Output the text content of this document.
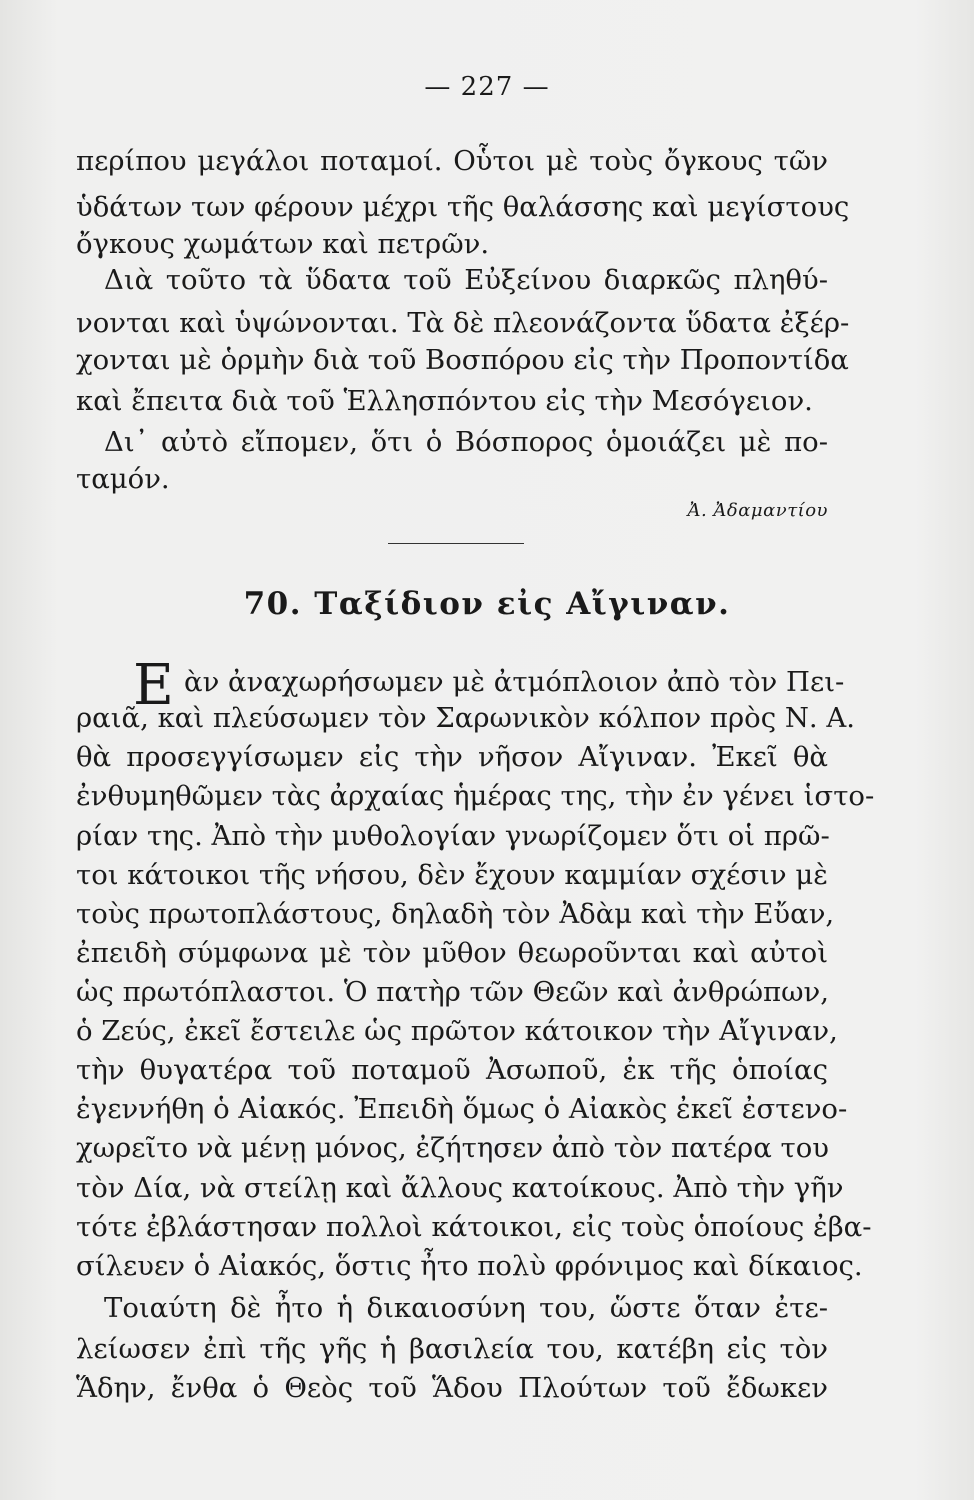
— 227 —
περίπου μεγάλοι ποταμοί. Οὗτοι μὲ τοὺς ὄγκους τῶν
ὑδάτων των φέρουν μέχρι τῆς θαλάσσης καὶ μεγίστους
ὄγκους χωμάτων καὶ πετρῶν.
Διὰ τοῦτο τὰ ὕδατα τοῦ Εὐξείνου διαρκῶς πληθύ-
νονται καὶ ὑψώνονται. Τὰ δὲ πλεονάζοντα ὕδατα ἐξέρ-
χονται μὲ ὁρμὴν διὰ τοῦ Βοσπόρου εἰς τὴν Προποντίδα
καὶ ἔπειτα διὰ τοῦ Ἑλλησπόντου εἰς τὴν Μεσόγειον.
Δι᾽ αὐτὸ εἴπομεν, ὅτι ὁ Βόσπορος ὁμοιάζει μὲ πο-
ταμόν.
Ἀ. Ἀδαμαντίου
70. Ταξίδιον εἰς Αἴγιναν.
Ε ὰν ἀναχωρήσωμεν μὲ ἀτμόπλοιον ἀπὸ τὸν Πει-
ραιᾶ, καὶ πλεύσωμεν τὸν Σαρωνικὸν κόλπον πρὸς Ν. Α.
θὰ προσεγγίσωμεν εἰς τὴν νῆσον Αἴγιναν. Ἐκεῖ θὰ
ἐνθυμηθῶμεν τὰς ἀρχαίας ἡμέρας της, τὴν ἐν γένει ἱστο-
ρίαν της. Ἀπὸ τὴν μυθολογίαν γνωρίζομεν ὅτι οἱ πρῶ-
τοι κάτοικοι τῆς νήσου, δὲν ἔχουν καμμίαν σχέσιν μὲ
τοὺς πρωτοπλάστους, δηλαδὴ τὸν Ἀδὰμ καὶ τὴν Εὔαν,
ἐπειδὴ σύμφωνα μὲ τὸν μῦθον θεωροῦνται καὶ αὐτοὶ
ὡς πρωτόπλαστοι. Ὁ πατὴρ τῶν Θεῶν καὶ ἀνθρώπων,
ὁ Ζεύς, ἐκεῖ ἔστειλε ὡς πρῶτον κάτοικον τὴν Αἴγιναν,
τὴν θυγατέρα τοῦ ποταμοῦ Ἀσωποῦ, ἐκ τῆς ὁποίας
ἐγεννήθη ὁ Αἰακός. Ἐπειδὴ ὅμως ὁ Αἰακὸς ἐκεῖ ἐστενο-
χωρεῖτο νὰ μένῃ μόνος, ἐζήτησεν ἀπὸ τὸν πατέρα του
τὸν Δία, νὰ στείλῃ καὶ ἄλλους κατοίκους. Ἀπὸ τὴν γῆν
τότε ἐβλάστησαν πολλοὶ κάτοικοι, εἰς τοὺς ὁποίους ἐβα-
σίλευεν ὁ Αἰακός, ὅστις ἦτο πολὺ φρόνιμος καὶ δίκαιος.
Τοιαύτη δὲ ἦτο ἡ δικαιοσύνη του, ὥστε ὅταν ἐτε-
λείωσεν ἐπὶ τῆς γῆς ἡ βασιλεία του, κατέβη εἰς τὸν
Ἅδην, ἔνθα ὁ Θεὸς τοῦ Ἅδου Πλούτων τοῦ ἔδωκεν
